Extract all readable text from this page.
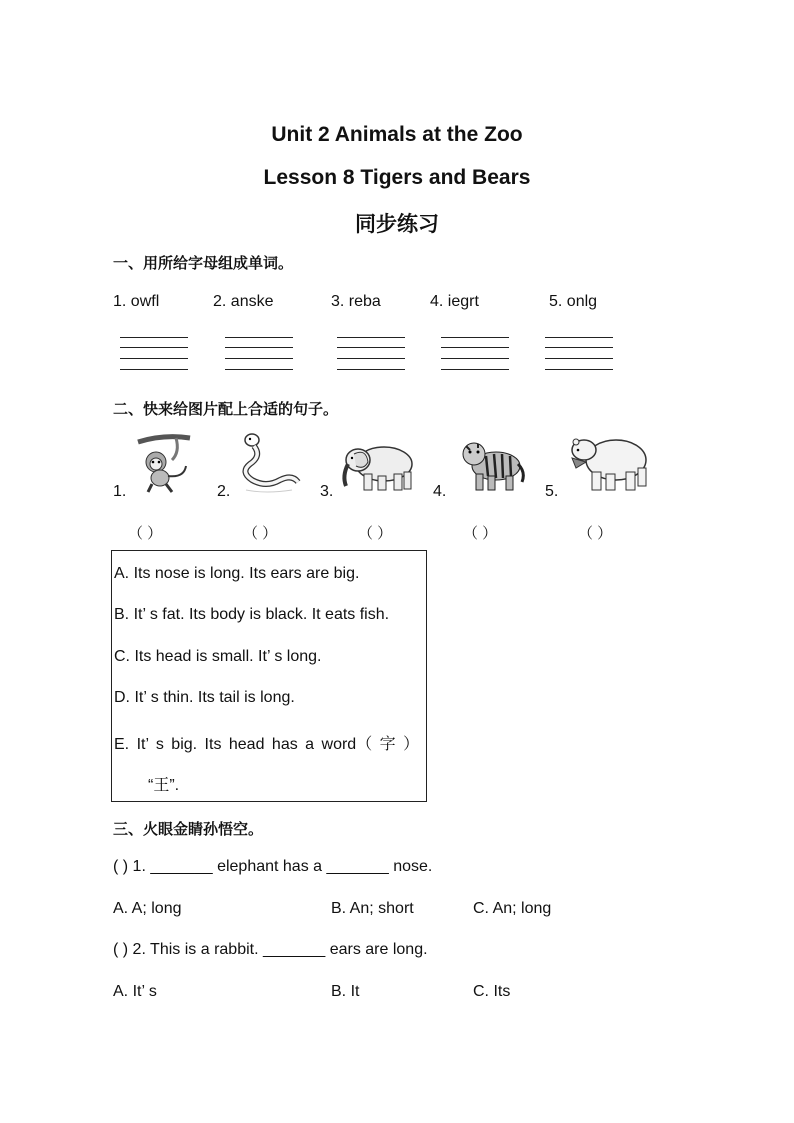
Unit 2 Animals at the Zoo
Lesson 8 Tigers and Bears
同步练习
一、用所给字母组成单词。
1. owfl	2. anske	3. reba	4. iegrt	5. onlg
二、快来给图片配上合适的句子。
1.	2.	3.	4.	5.
（ ）	（ ）	（ ）	（ ）	（ ）
A. Its nose is long. Its ears are big.
B. It’ s fat. Its body is black. It eats fish.
C. Its head is small. It’ s long.
D. It’ s thin. Its tail is long.
E. It’ s big. Its head has a word（ 字 ）
“王”.
三、火眼金睛孙悟空。
( ) 1. _______ elephant has a _______ nose.
A. A; long	B. An; short	C. An; long
( ) 2. This is a rabbit. _______ ears are long.
A. It’ s	B. It	C. Its
